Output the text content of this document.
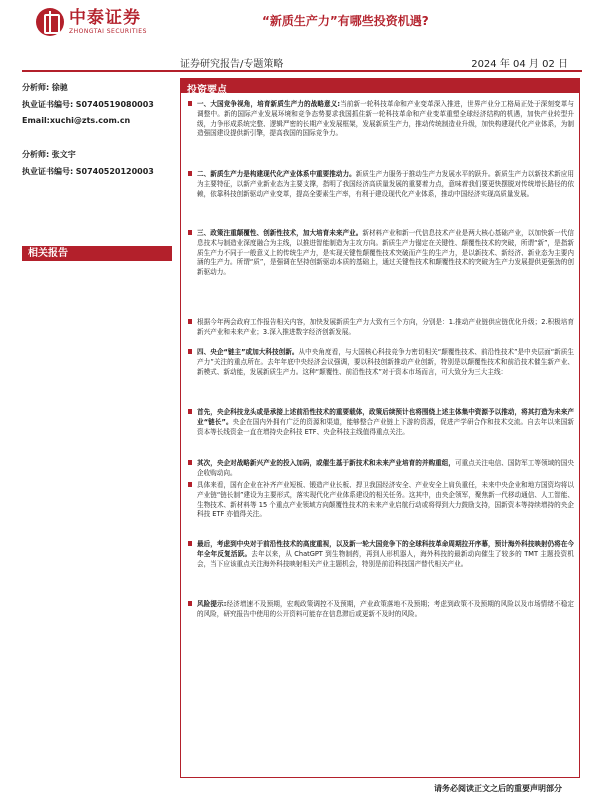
中泰证券
ZHONGTAI SECURITIES
“新质生产力”有哪些投资机遇?
证券研究报告/专题策略	2024 年 04 月 02 日
分析师: 徐驰
执业证书编号: S0740519080003
Email:xuchi@zts.com.cn
分析师: 张文宇
执业证书编号: S0740520120003
相关报告
投资要点
一、大国竞争视角，培育新质生产力的战略意义:当前新一轮科技革命和产业变革深入推进，世界产业分工格局正处于深刻变革与调整中。新的国际产业发展环境和竞争态势要求我国抓住新一轮科技革命和产业变革重塑全球经济结构的机遇，加快产业转型升级，力争形成系统完整、逻辑严密的长期产业发展框架，发展新质生产力，推动传统制造业升级，加快构建现代化产业体系，为制造强国建设提供新引擎，提高我国的国际竞争力。
二、新质生产力是构建现代化产业体系中重要推动力。新质生产力服务于推动生产力发展水平的跃升。新质生产力以新技术新应用为主要特征，以新产业新业态为主要支撑，指明了我国经济高质量发展的重要着力点，意味着我们要更快摆脱对传统增长路径的依赖，依靠科技创新驱动产业变革，提高全要素生产率，有利于建设现代化产业体系，推动中国经济实现高质量发展。
三、政策注重颠覆性、创新性技术，加大培育未来产业。新材料产业和新一代信息技术产业是两大核心基础产业，以加快新一代信息技术与制造业深度融合为主线，以推进智能制造为主攻方向。新质生产力锚定在关键性、颠覆性技术的突破，所谓“新”，是指新质生产力不同于一般意义上的传统生产力，是实现关键性颠覆性技术突破而产生的生产力，是以新技术、新经济、新业态为主要内涵的生产力。所谓“质”，是强调在坚持创新驱动本质的基础上，通过关键性技术和颠覆性技术的突破为生产力发展提供更强劲的创新驱动力。
根据今年两会政府工作报告相关内容，加快发展新质生产力大致有三个方向，分别是：1.推动产业链供应链优化升级；2.积极培育新兴产业和未来产业；3.深入推进数字经济创新发展。
四、央企“链主”或加大科技创新。从中央角度看，与大国核心科技竞争力密切相关“颠覆性技术、前沿性技术”是中央层面“新质生产力”关注的重点所在。去年年底中央经济会议强调，要以科技创新推动产业创新，特别是以颠覆性技术和前沿技术催生新产业、新模式、新动能，发展新质生产力。这种“颠覆性、前沿性技术”对于资本市场而言，可大致分为三大主线：
首先，央企科技龙头或是承接上述前沿性技术的重要载体，政策后续预计也将围绕上述主体集中资源予以推动，将其打造为未来产业“链长”。央企在国内外拥有广泛的资源和渠道，能够整合产业链上下游的资源，促进产学研合作和技术交流。自去年以来国新资本等长线资金一直在增持央企科技 ETF、央企科技主线值得重点关注。
其次，央企对战略新兴产业的投入加码，或催生基于新技术和未来产业培育的并购重组，可重点关注电信、国防军工等领域的国央企收购动向。
具体来看，国有企业在补齐产业短板、锻造产业长板、捍卫我国经济安全、产业安全上肩负重任，未来中央企业和地方国资均将以产业链“链长制”建设为主要形式，落实现代化产业体系建设的相关任务。这其中，由央企领军，聚焦新一代移动通信、人工智能、生物技术、新材料等 15 个重点产业领域方向颠覆性技术的未来产业启航行动或将得到大力鼓励支持，国新资本等持续增持的央企科技 ETF 亦值得关注。
最后，考虑到中央对于前沿性技术的高度重视，以及新一轮大国竞争下的全球科技革命周期拉开序幕，预计海外科技映射仍将在今年全年反复活跃。去年以来，从 ChatGPT 到生物制药，再到人形机器人，海外科技的最新动向催生了较多的 TMT 主题投资机会，当下应该重点关注海外科技映射相关产业主题机会，特别是前沿科技国产替代相关产业。
风险提示:经济增速不及预期，宏观政策调控不及预期，产业政策落地不及预期；考虑到政策不及预期的风险以及市场情绪不稳定的风险，研究报告中使用的公开资料可能存在信息滞后或更新不及时的风险。
请务必阅读正文之后的重要声明部分
